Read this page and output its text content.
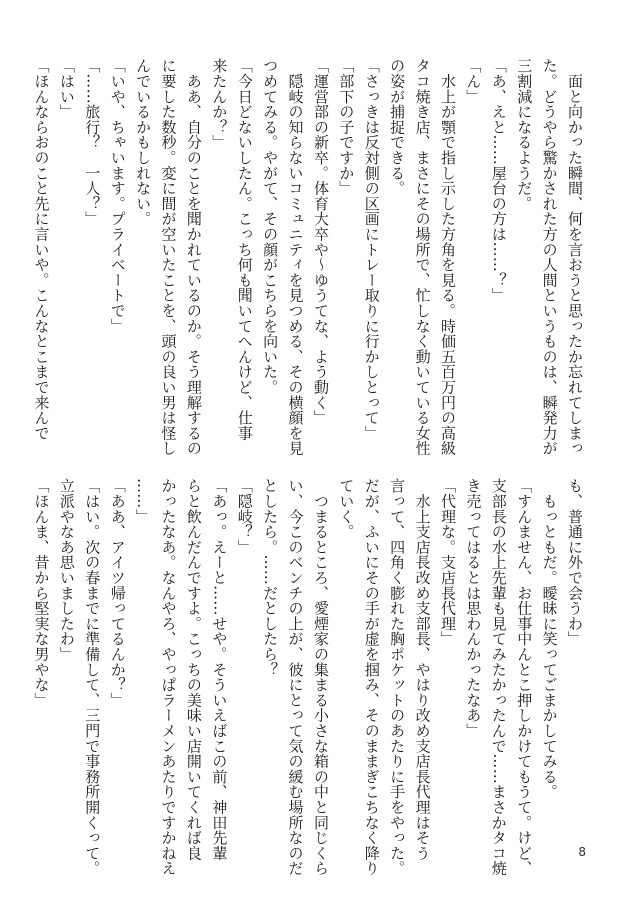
　面と向かった瞬間、何を言おうと思ったか忘れてしまっ
た。どうやら驚かされた方の人間というものは、瞬発力が
三割減になるようだ。
「あ、えと……屋台の方は……？」
「ん」
　水上が顎で指し示した方角を見る。時価五百万円の高級
タコ焼き店、まさにその場所で、忙しなく動いている女性
の姿が捕捉できる。
「さっきは反対側の区画にトレー取りに行かしとって」
「部下の子ですか」
「運営部の新卒。体育大卒や～ゆうてな、よう動く」
　隠岐の知らないコミュニティを見つめる、その横顔を見
つめてみる。やがて、その顔がこちらを向いた。
「今日どないしたん。こっち何も聞いてへんけど、仕事
来たんか？」
　ああ、自分のことを聞かれているのか。そう理解するの
に要した数秒。変に間が空いたことを、頭の良い男は怪し
んでいるかもしれない。
「いや、ちゃいます。プライベートで」
「……旅行？　一人？」
「はい」
「ほんならおのこと先に言いや。こんなとこまで来んで
も、普通に外で会うわ」
　もっともだ。曖昧に笑ってごまかしてみる。
「すんません、お仕事中んとこ押しかけてもうて。けど、
支部長の水上先輩も見てみたかったんで……まさかタコ焼
き売ってはるとは思わんかったなあ」
「代理な。支店長代理」
　水上支店長改め支部長、やはり改め支店長代理はそう
言って、四角く膨れた胸ポケットのあたりに手をやった。
だが、ふいにその手が虚を掴み、そのままぎこちなく降り
ていく。
　つまるところ、愛煙家の集まる小さな箱の中と同じくら
い、今このベンチの上が、彼にとって気の緩む場所なのだ
としたら。……だとしたら？
「隠岐？」
「あっ。えーと……せや。そういえばこの前、神田先輩
らと飲んだんですよ。こっちの美味い店開いてくれば良
かったなあ。なんやろ、やっぱラーメンあたりですかねえ
……」
「ああ、アイツ帰ってるんか？」
「はい。次の春までに準備して、三門で事務所開くって。
立派やなあ思いましたわ」
「ほんま、昔から堅実な男やな」
8
